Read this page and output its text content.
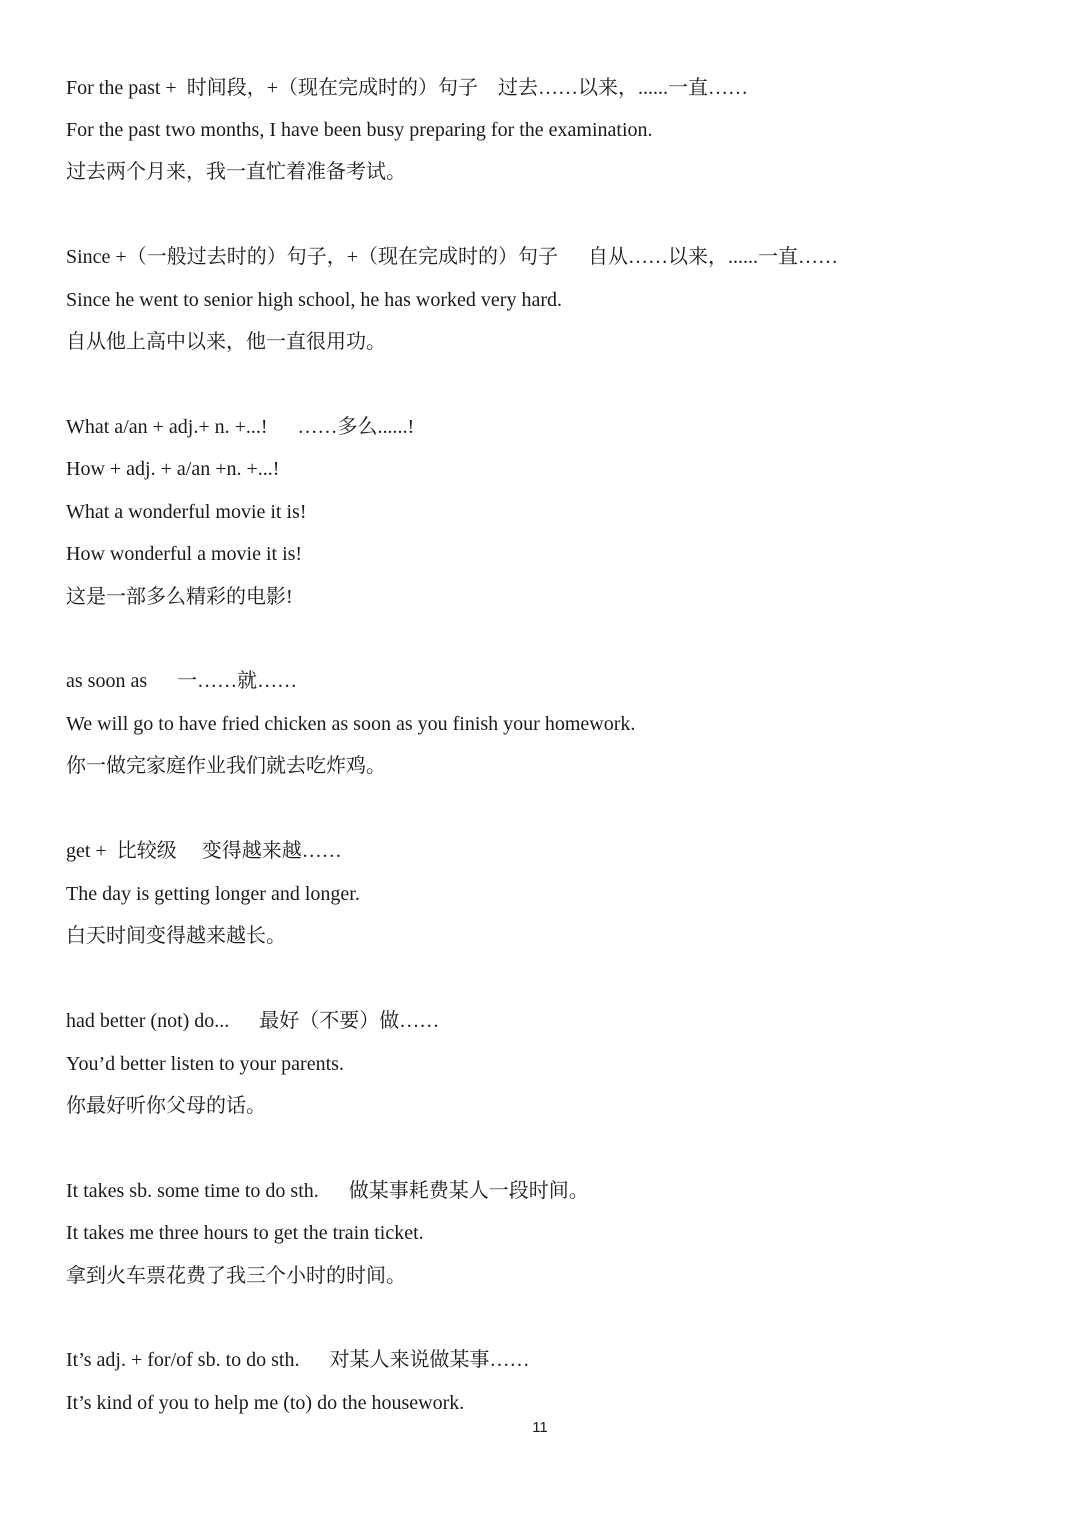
For the past +  时间段，+（现在完成时的）句子    过去……以来，......一直……
For the past two months, I have been busy preparing for the examination.
过去两个月来，我一直忙着准备考试。
Since +（一般过去时的）句子，+（现在完成时的）句子      自从……以来，......一直……
Since he went to senior high school, he has worked very hard.
自从他上高中以来，他一直很用功。
What a/an + adj.+ n. +...!      ……多么......!
How + adj. + a/an +n. +...!
What a wonderful movie it is!
How wonderful a movie it is!
这是一部多么精彩的电影!
as soon as      一……就……
We will go to have fried chicken as soon as you finish your homework.
你一做完家庭作业我们就去吃炸鸡。
get +  比较级     变得越来越……
The day is getting longer and longer.
白天时间变得越来越长。
had better (not) do...      最好（不要）做……
You’d better listen to your parents.
你最好听你父母的话。
It takes sb. some time to do sth.      做某事耗费某人一段时间。
It takes me three hours to get the train ticket.
拿到火车票花费了我三个小时的时间。
It’s adj. + for/of sb. to do sth.      对某人来说做某事……
It’s kind of you to help me (to) do the housework.
11
